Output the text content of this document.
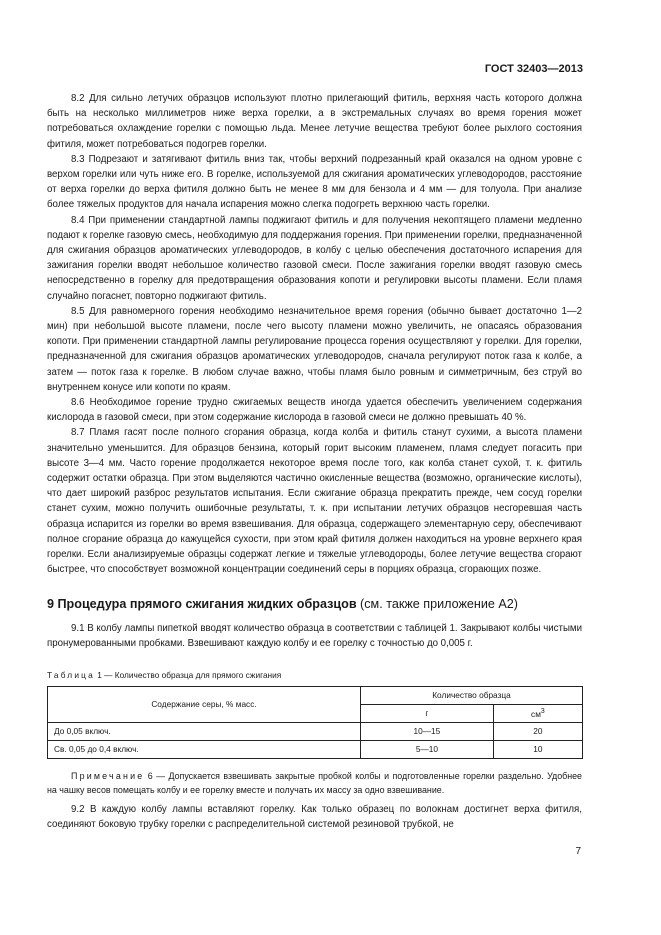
ГОСТ 32403—2013

8.2 Для сильно летучих образцов используют плотно прилегающий фитиль, верхняя часть которого должна быть на несколько миллиметров ниже верха горелки, а в экстремальных случаях во время горения может потребоваться охлаждение горелки с помощью льда. Менее летучие вещества требуют более рыхлого состояния фитиля, может потребоваться подогрев горелки.

8.3 Подрезают и затягивают фитиль вниз так, чтобы верхний подрезанный край оказался на одном уровне с верхом горелки или чуть ниже его. В горелке, используемой для сжигания ароматических углеводородов, расстояние от верха горелки до верха фитиля должно быть не менее 8 мм для бензола и 4 мм — для толуола. При анализе более тяжелых продуктов для начала испарения можно слегка подогреть верхнюю часть горелки.

8.4 При применении стандартной лампы поджигают фитиль и для получения некоптящего пламени медленно подают к горелке газовую смесь, необходимую для поддержания горения. При применении горелки, предназначенной для сжигания образцов ароматических углеводородов, в колбу с целью обеспечения достаточного испарения для зажигания горелки вводят небольшое количество газовой смеси. После зажигания горелки вводят газовую смесь непосредственно в горелку для предотвращения образования копоти и регулировки высоты пламени. Если пламя случайно погаснет, повторно поджигают фитиль.

8.5 Для равномерного горения необходимо незначительное время горения (обычно бывает достаточно 1—2 мин) при небольшой высоте пламени, после чего высоту пламени можно увеличить, не опасаясь образования копоти. При применении стандартной лампы регулирование процесса горения осуществляют у горелки. Для горелки, предназначенной для сжигания образцов ароматических углеводородов, сначала регулируют поток газа к колбе, а затем — поток газа к горелке. В любом случае важно, чтобы пламя было ровным и симметричным, без струй во внутреннем конусе или копоти по краям.

8.6 Необходимое горение трудно сжигаемых веществ иногда удается обеспечить увеличением содержания кислорода в газовой смеси, при этом содержание кислорода в газовой смеси не должно превышать 40 %.

8.7 Пламя гасят после полного сгорания образца, когда колба и фитиль станут сухими, а высота пламени значительно уменьшится. Для образцов бензина, который горит высоким пламенем, пламя следует погасить при высоте 3—4 мм. Часто горение продолжается некоторое время после того, как колба станет сухой, т. к. фитиль содержит остатки образца. При этом выделяются частично окисленные вещества (возможно, органические кислоты), что дает широкий разброс результатов испытания. Если сжигание образца прекратить прежде, чем сосуд горелки станет сухим, можно получить ошибочные результаты, т. к. при испытании летучих образцов несгоревшая часть образца испарится из горелки во время взвешивания. Для образца, содержащего элементарную серу, обеспечивают полное сгорание образца до кажущейся сухости, при этом край фитиля должен находиться на уровне верхнего края горелки. Если анализируемые образцы содержат легкие и тяжелые углеводороды, более летучие вещества сгорают быстрее, что способствует возможной концентрации соединений серы в порциях образца, сгорающих позже.

9 Процедура прямого сжигания жидких образцов (см. также приложение А2)

9.1 В колбу лампы пипеткой вводят количество образца в соответствии с таблицей 1. Закрывают колбы чистыми пронумерованными пробками. Взвешивают каждую колбу и ее горелку с точностью до 0,005 г.

Таблица 1 — Количество образца для прямого сжигания
Содержание серы, % масс.	Количество образца	
	г	$см^3$
До 0,05 включ.	10—15	20
Св. 0,05 до 0,4 включ.	5—10	10

Примечание 6 — Допускается взвешивать закрытые пробкой колбы и подготовленные горелки раздельно. Удобнее на чашку весов помещать колбу и ее горелку вместе и получать их массу за одно взвешивание.

9.2 В каждую колбу лампы вставляют горелку. Как только образец по волокнам достигнет верха фитиля, соединяют боковую трубку горелки с распределительной системой резиновой трубкой, не

7
